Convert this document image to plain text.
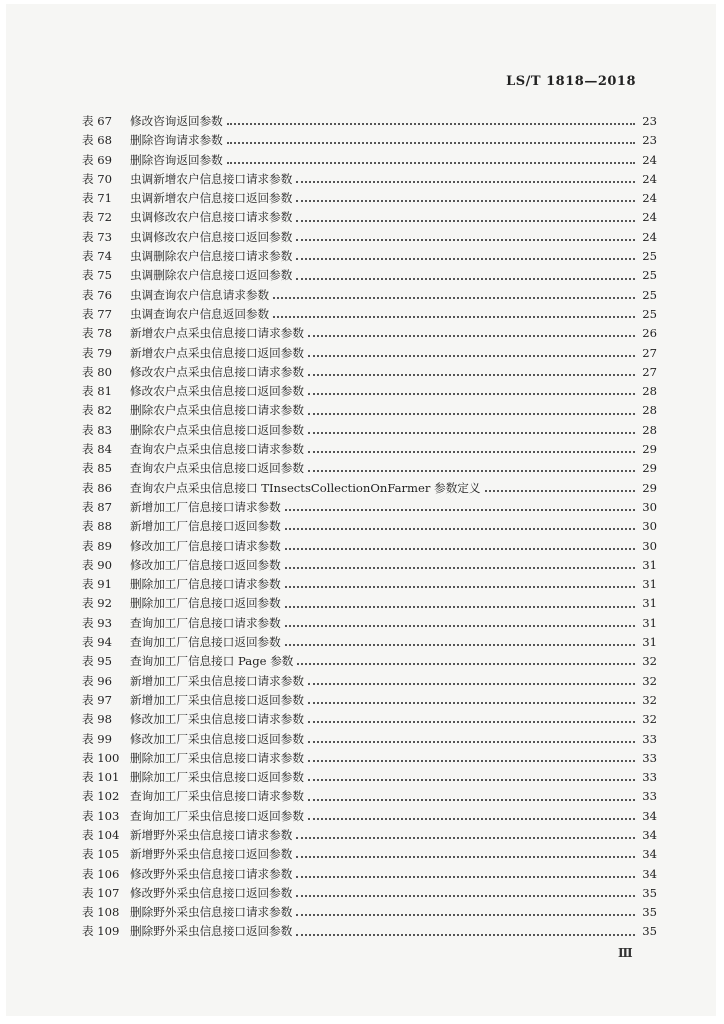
LS/T 1818—2018
表 67	修改咨询返回参数	23
表 68	删除咨询请求参数	23
表 69	删除咨询返回参数	24
表 70	虫调新增农户信息接口请求参数	24
表 71	虫调新增农户信息接口返回参数	24
表 72	虫调修改农户信息接口请求参数	24
表 73	虫调修改农户信息接口返回参数	24
表 74	虫调删除农户信息接口请求参数	25
表 75	虫调删除农户信息接口返回参数	25
表 76	虫调查询农户信息请求参数	25
表 77	虫调查询农户信息返回参数	25
表 78	新增农户点采虫信息接口请求参数	26
表 79	新增农户点采虫信息接口返回参数	27
表 80	修改农户点采虫信息接口请求参数	27
表 81	修改农户点采虫信息接口返回参数	28
表 82	删除农户点采虫信息接口请求参数	28
表 83	删除农户点采虫信息接口返回参数	28
表 84	查询农户点采虫信息接口请求参数	29
表 85	查询农户点采虫信息接口返回参数	29
表 86	查询农户点采虫信息接口 TInsectsCollectionOnFarmer 参数定义	29
表 87	新增加工厂信息接口请求参数	30
表 88	新增加工厂信息接口返回参数	30
表 89	修改加工厂信息接口请求参数	30
表 90	修改加工厂信息接口返回参数	31
表 91	删除加工厂信息接口请求参数	31
表 92	删除加工厂信息接口返回参数	31
表 93	查询加工厂信息接口请求参数	31
表 94	查询加工厂信息接口返回参数	31
表 95	查询加工厂信息接口 Page 参数	32
表 96	新增加工厂采虫信息接口请求参数	32
表 97	新增加工厂采虫信息接口返回参数	32
表 98	修改加工厂采虫信息接口请求参数	32
表 99	修改加工厂采虫信息接口返回参数	33
表 100 删除加工厂采虫信息接口请求参数	33
表 101 删除加工厂采虫信息接口返回参数	33
表 102 查询加工厂采虫信息接口请求参数	33
表 103 查询加工厂采虫信息接口返回参数	34
表 104 新增野外采虫信息接口请求参数	34
表 105 新增野外采虫信息接口返回参数	34
表 106 修改野外采虫信息接口请求参数	34
表 107 修改野外采虫信息接口返回参数	35
表 108 删除野外采虫信息接口请求参数	35
表 109 删除野外采虫信息接口返回参数	35
Ⅲ
